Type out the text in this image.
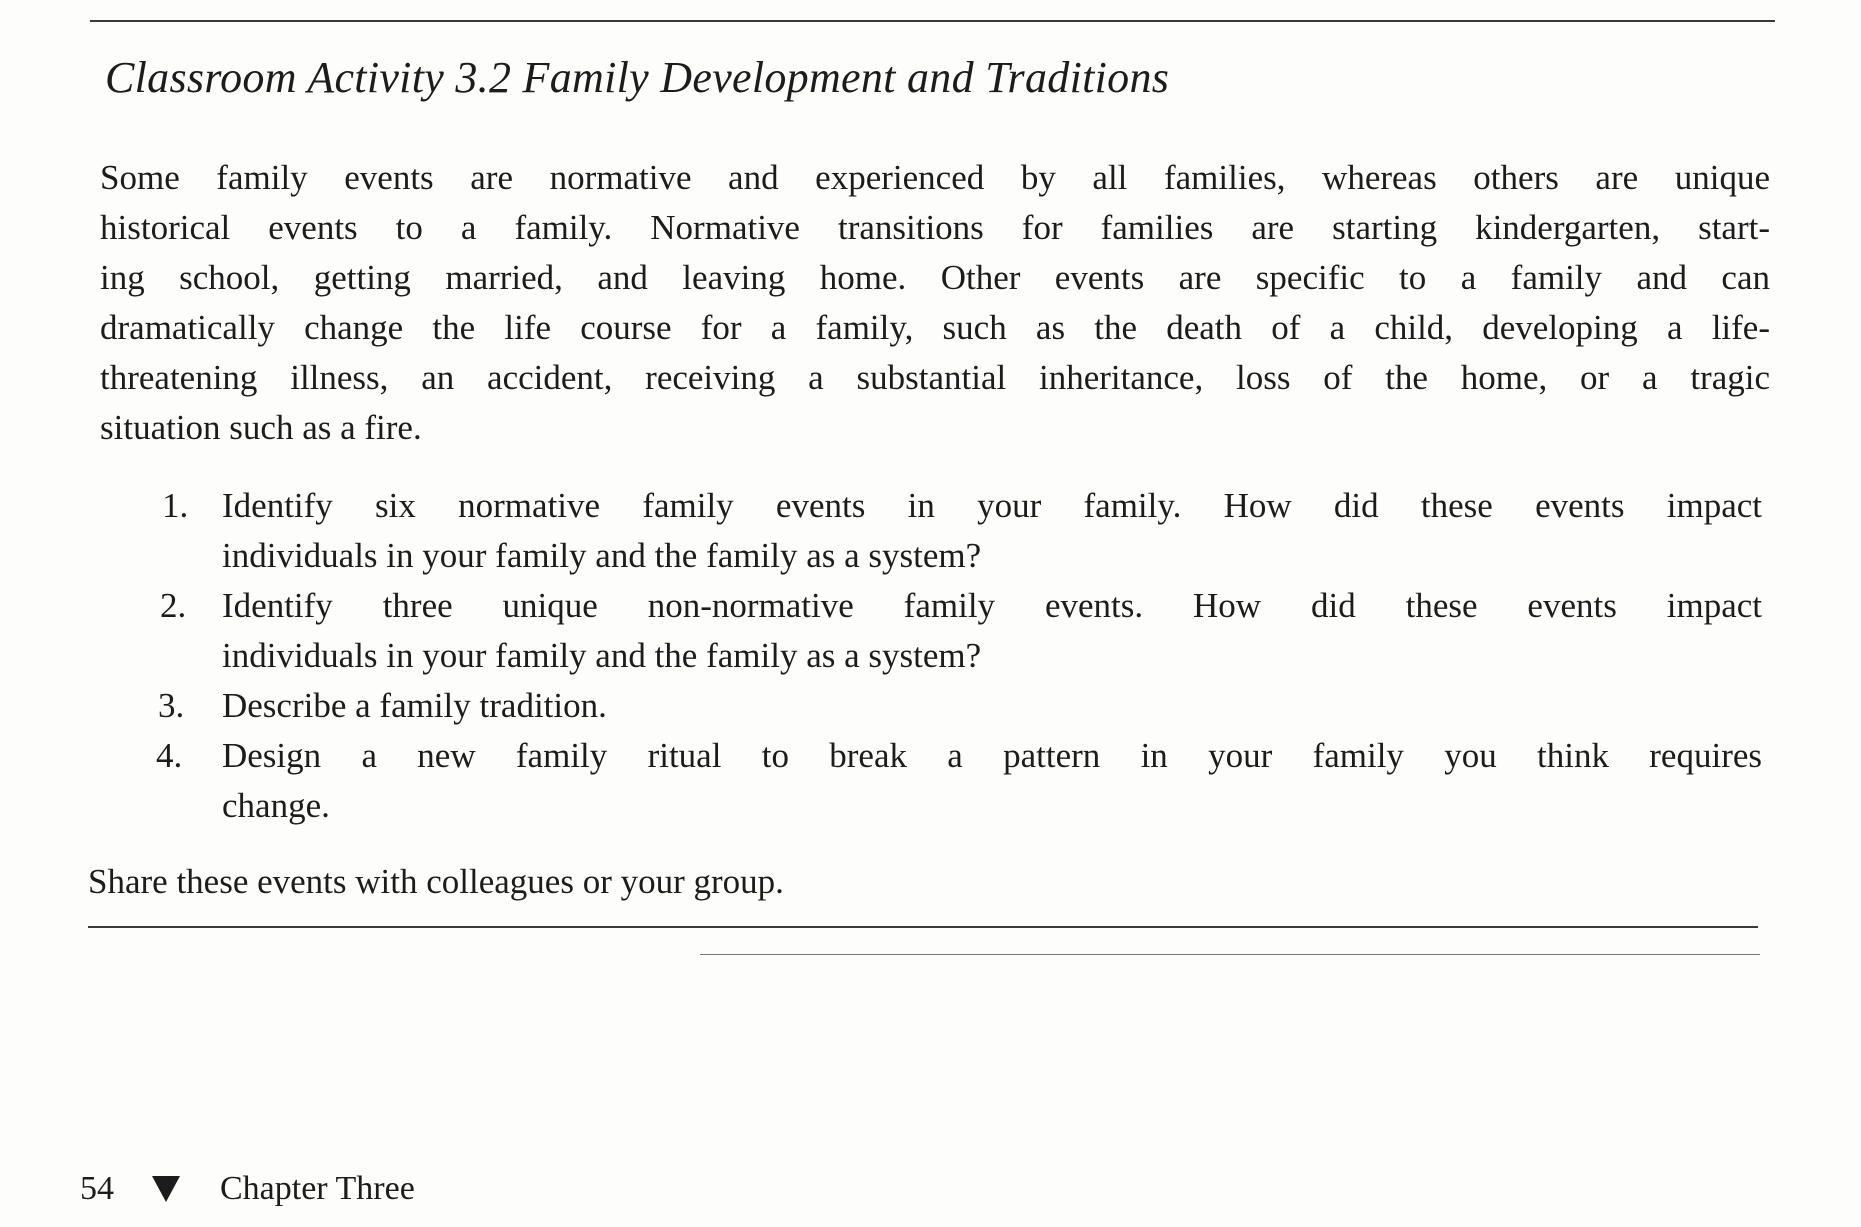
Classroom Activity 3.2 Family Development and Traditions
Some family events are normative and experienced by all families, whereas others are unique
historical events to a family. Normative transitions for families are starting kindergarten, start-
ing school, getting married, and leaving home. Other events are specific to a family and can
dramatically change the life course for a family, such as the death of a child, developing a life-
threatening illness, an accident, receiving a substantial inheritance, loss of the home, or a tragic
situation such as a fire.
1. Identify six normative family events in your family. How did these events impact
individuals in your family and the family as a system?
2. Identify three unique non-normative family events. How did these events impact
individuals in your family and the family as a system?
3. Describe a family tradition.
4. Design a new family ritual to break a pattern in your family you think requires
change.
Share these events with colleagues or your group.
54	Chapter Three
